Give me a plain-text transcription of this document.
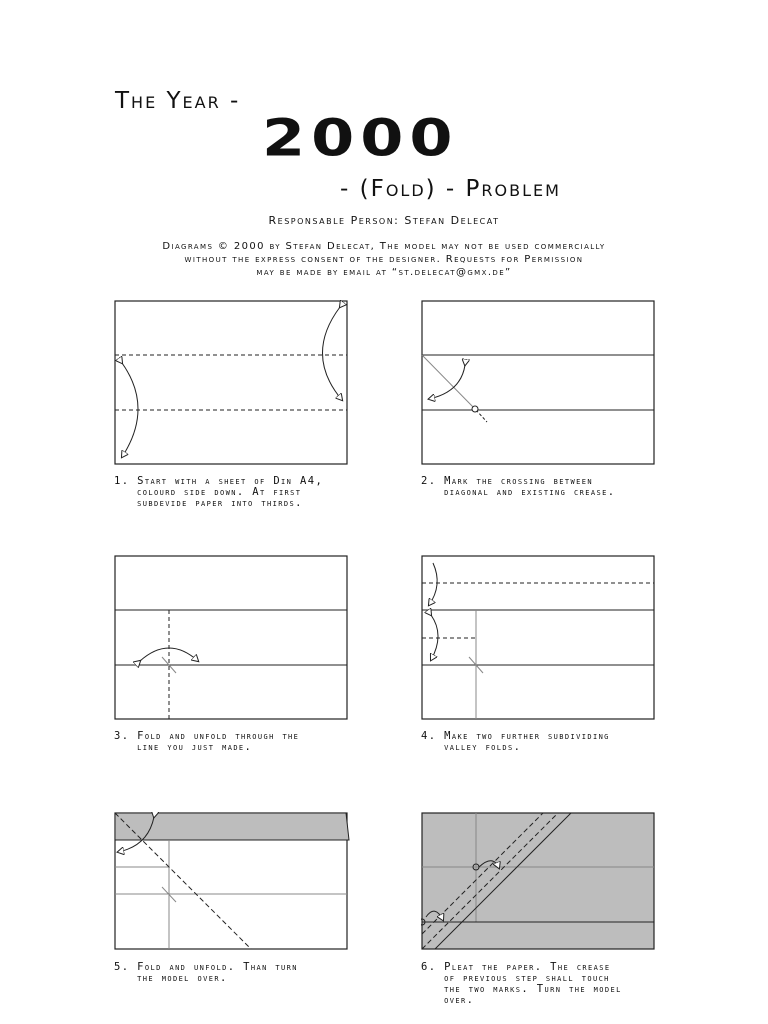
The Year -
2000
- (Fold) - Problem
Responsable Person: Stefan Delecat
Diagrams © 2000 by Stefan Delecat, The model may not be used commercially
without the express consent of the designer. Requests for Permission
may be made by email at “st.delecat@gmx.de”
1. Start with a sheet of Din A4,
colourd side down. At first
subdevide paper into thirds.
2. Mark the crossing between
diagonal and existing crease.
3. Fold and unfold through the
line you just made.
4. Make two further subdividing
valley folds.
5. Fold and unfold. Than turn
the model over.
6. Pleat the paper. The crease
of previous step shall touch
the two marks. Turn the model
over.
